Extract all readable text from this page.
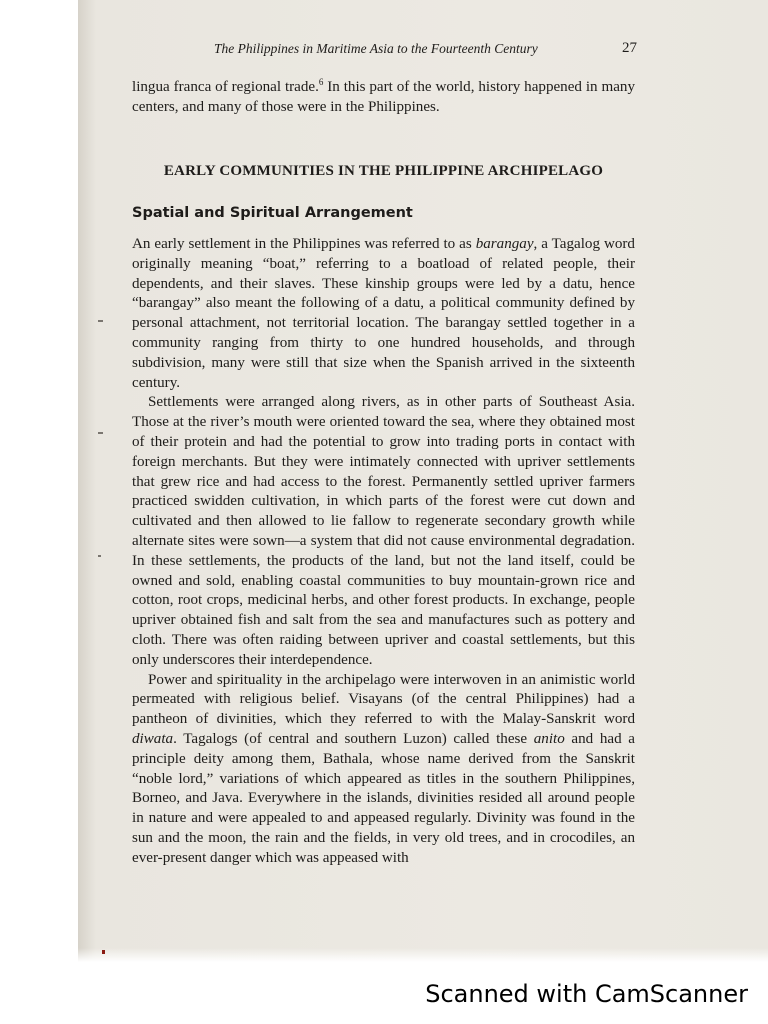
The Philippines in Maritime Asia to the Fourteenth Century	27

lingua franca of regional trade.$^6$ In this part of the world, history happened in many centers, and many of those were in the Philippines.

EARLY COMMUNITIES IN THE PHILIPPINE ARCHIPELAGO
Spatial and Spiritual Arrangement

An early settlement in the Philippines was referred to as barangay, a Tagalog word originally meaning “boat,” referring to a boatload of related people, their dependents, and their slaves. These kinship groups were led by a datu, hence “barangay” also meant the following of a datu, a political community defined by personal attachment, not territorial location. The barangay settled together in a community ranging from thirty to one hundred households, and through subdivision, many were still that size when the Spanish arrived in the sixteenth century.

Settlements were arranged along rivers, as in other parts of Southeast Asia. Those at the river’s mouth were oriented toward the sea, where they obtained most of their protein and had the potential to grow into trading ports in contact with foreign merchants. But they were intimately connected with upriver settlements that grew rice and had access to the forest. Permanently settled upriver farmers practiced swidden cultivation, in which parts of the forest were cut down and cultivated and then allowed to lie fallow to regenerate secondary growth while alternate sites were sown—a system that did not cause environmental degradation. In these settlements, the products of the land, but not the land itself, could be owned and sold, enabling coastal communities to buy mountain-grown rice and cotton, root crops, medicinal herbs, and other forest products. In exchange, people upriver obtained fish and salt from the sea and manufactures such as pottery and cloth. There was often raiding between upriver and coastal settlements, but this only underscores their interdependence.

Power and spirituality in the archipelago were interwoven in an animistic world permeated with religious belief. Visayans (of the central Philippines) had a pantheon of divinities, which they referred to with the Malay-Sanskrit word diwata. Tagalogs (of central and southern Luzon) called these anito and had a principle deity among them, Bathala, whose name derived from the Sanskrit “noble lord,” variations of which appeared as titles in the southern Philippines, Borneo, and Java. Everywhere in the islands, divinities resided all around people in nature and were appealed to and appeased regularly. Divinity was found in the sun and the moon, the rain and the fields, in very old trees, and in crocodiles, an ever-present danger which was appeased with

Scanned with CamScanner
